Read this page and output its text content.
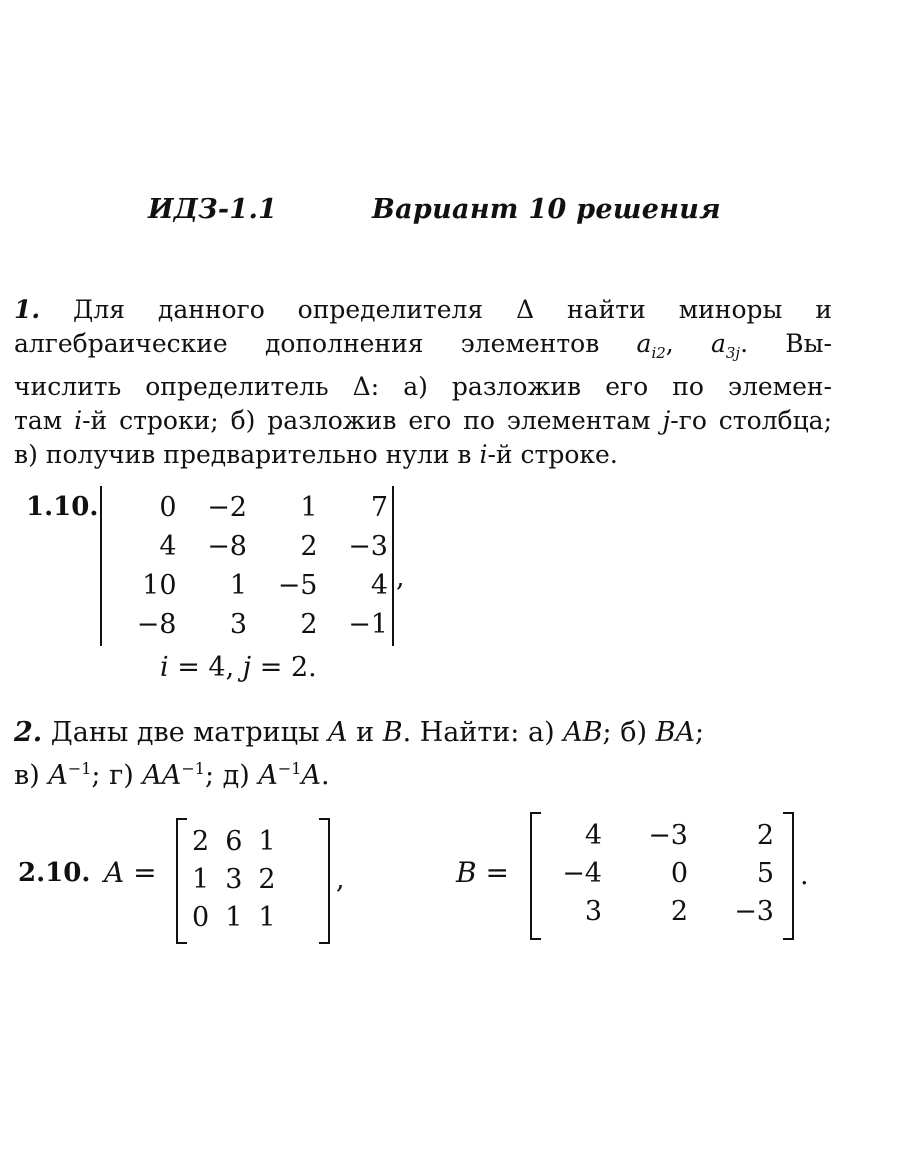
ИДЗ-1.1	Вариант 10 решения
1. Для данного определителя Δ найти миноры и
алгебраические дополнения элементов $a_{i2}$, $a_{3j}$. Вы-
числить определитель Δ: а) разложив его по элемен-
там i-й строки; б) разложив его по элементам j-го столбца;
в) получив предварительно нули в i-й строке.
1.10. 0	−2	1	7
4	−8	2	−3
10	1	−5	4
−8	3	2	−1
,
i = 4, j = 2.
2. Даны две матрицы A и B. Найти: а) AB; б) BA;
в) $A^{-1}$; г) $AA^{-1}$; д) $A^{-1}A$.
2.10. A =
2	6	1
1	3	2
0	1	1
,	B =
4	−3	2
−4	0	5
3	2	−3
.
